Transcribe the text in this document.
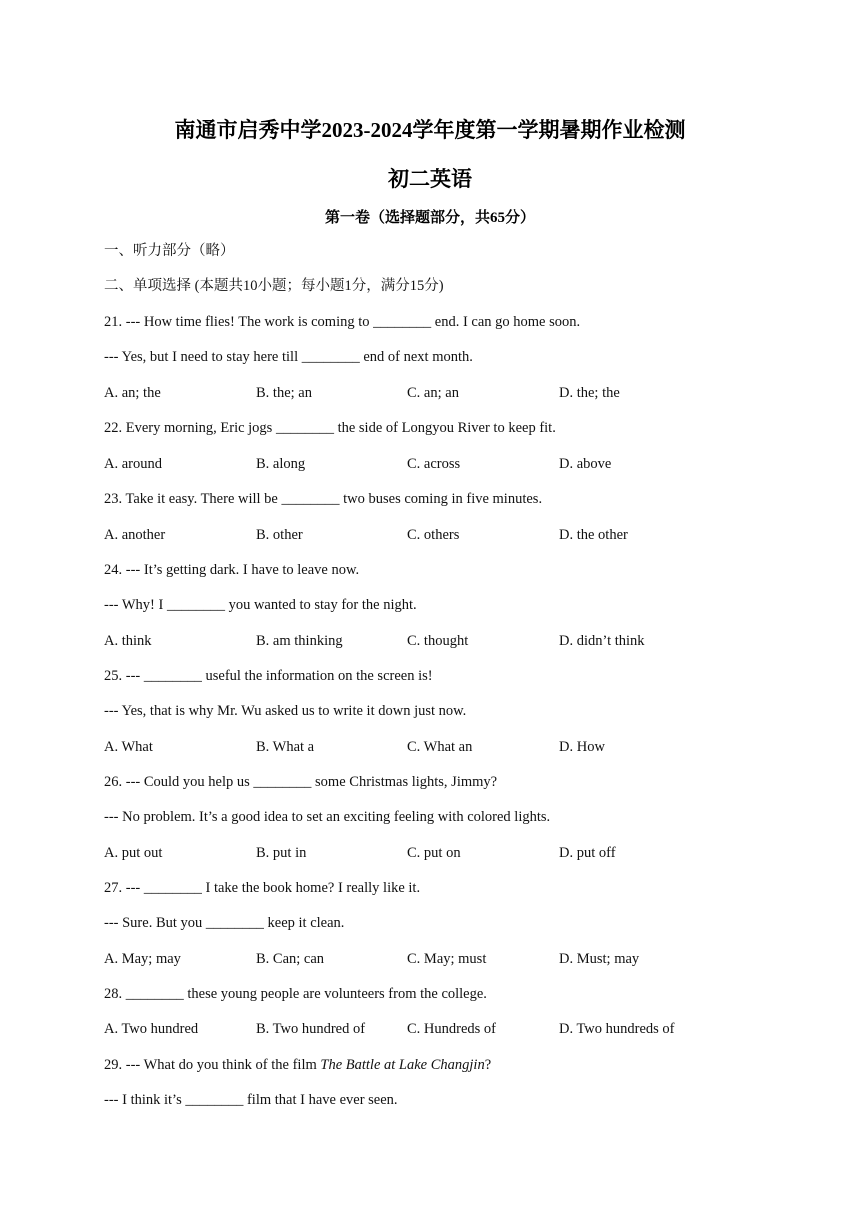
南通市启秀中学2023-2024学年度第一学期暑期作业检测
初二英语
第一卷（选择题部分，共65分）
一、听力部分（略）
二、单项选择 (本题共10小题；每小题1分，满分15分)
21. --- How time flies! The work is coming to ________ end. I can go home soon.
--- Yes, but I need to stay here till ________ end of next month.
A. an; the	B. the; an	C. an; an	D. the; the
22. Every morning, Eric jogs ________ the side of Longyou River to keep fit.
A. around	B. along	C. across	D. above
23. Take it easy. There will be ________ two buses coming in five minutes.
A. another	B. other	C. others	D. the other
24. --- It’s getting dark. I have to leave now.
--- Why! I ________ you wanted to stay for the night.
A. think	B. am thinking	C. thought	D. didn’t think
25. --- ________ useful the information on the screen is!
--- Yes, that is why Mr. Wu asked us to write it down just now.
A. What	B. What a	C. What an	D. How
26. --- Could you help us ________ some Christmas lights, Jimmy?
--- No problem. It’s a good idea to set an exciting feeling with colored lights.
A. put out	B. put in	C. put on	D. put off
27. --- ________ I take the book home? I really like it.
--- Sure. But you ________ keep it clean.
A. May; may	B. Can; can	C. May; must	D. Must; may
28. ________ these young people are volunteers from the college.
A. Two hundred	B. Two hundred of	C. Hundreds of	D. Two hundreds of
29. --- What do you think of the film The Battle at Lake Changjin?
--- I think it’s ________ film that I have ever seen.
